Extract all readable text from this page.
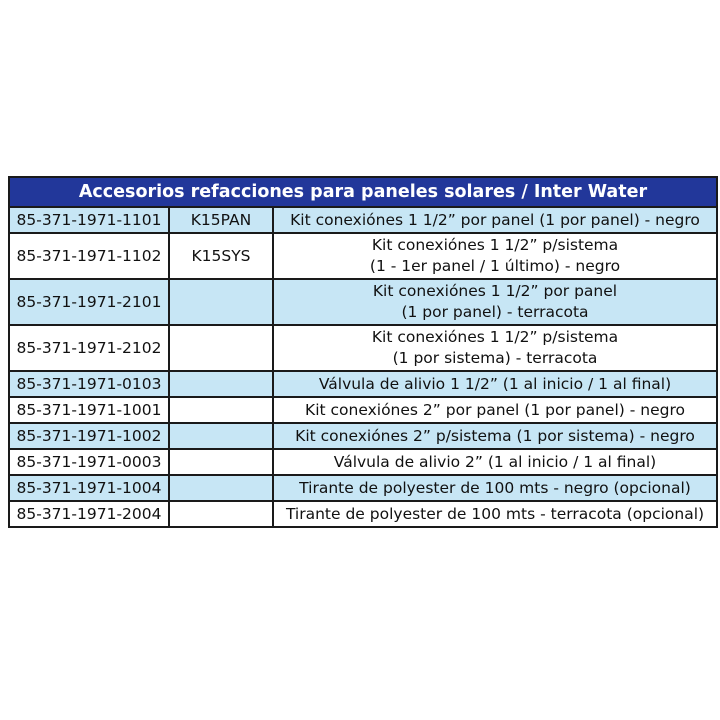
Accesorios refacciones para paneles solares / Inter Water		
85-371-1971-1101	K15PAN	Kit conexiónes 1 1/2” por panel (1 por panel) - negro

85-371-1971-1102	K15SYS	Kit conexiónes 1 1/2” p/sistema
(1 - 1er panel / 1 último) - negro

85-371-1971-2101		Kit conexiónes 1 1/2” por panel
(1 por panel) - terracota

85-371-1971-2102		Kit conexiónes 1 1/2” p/sistema
(1 por sistema) - terracota

85-371-1971-0103		Válvula de alivio 1 1/2” (1 al inicio / 1 al final)

85-371-1971-1001		Kit conexiónes 2” por panel (1 por panel) - negro

85-371-1971-1002		Kit conexiónes 2” p/sistema (1 por sistema) - negro

85-371-1971-0003		Válvula de alivio 2” (1 al inicio / 1 al final)

85-371-1971-1004		Tirante de polyester de 100 mts - negro (opcional)

85-371-1971-2004		Tirante de polyester de 100 mts - terracota (opcional)
